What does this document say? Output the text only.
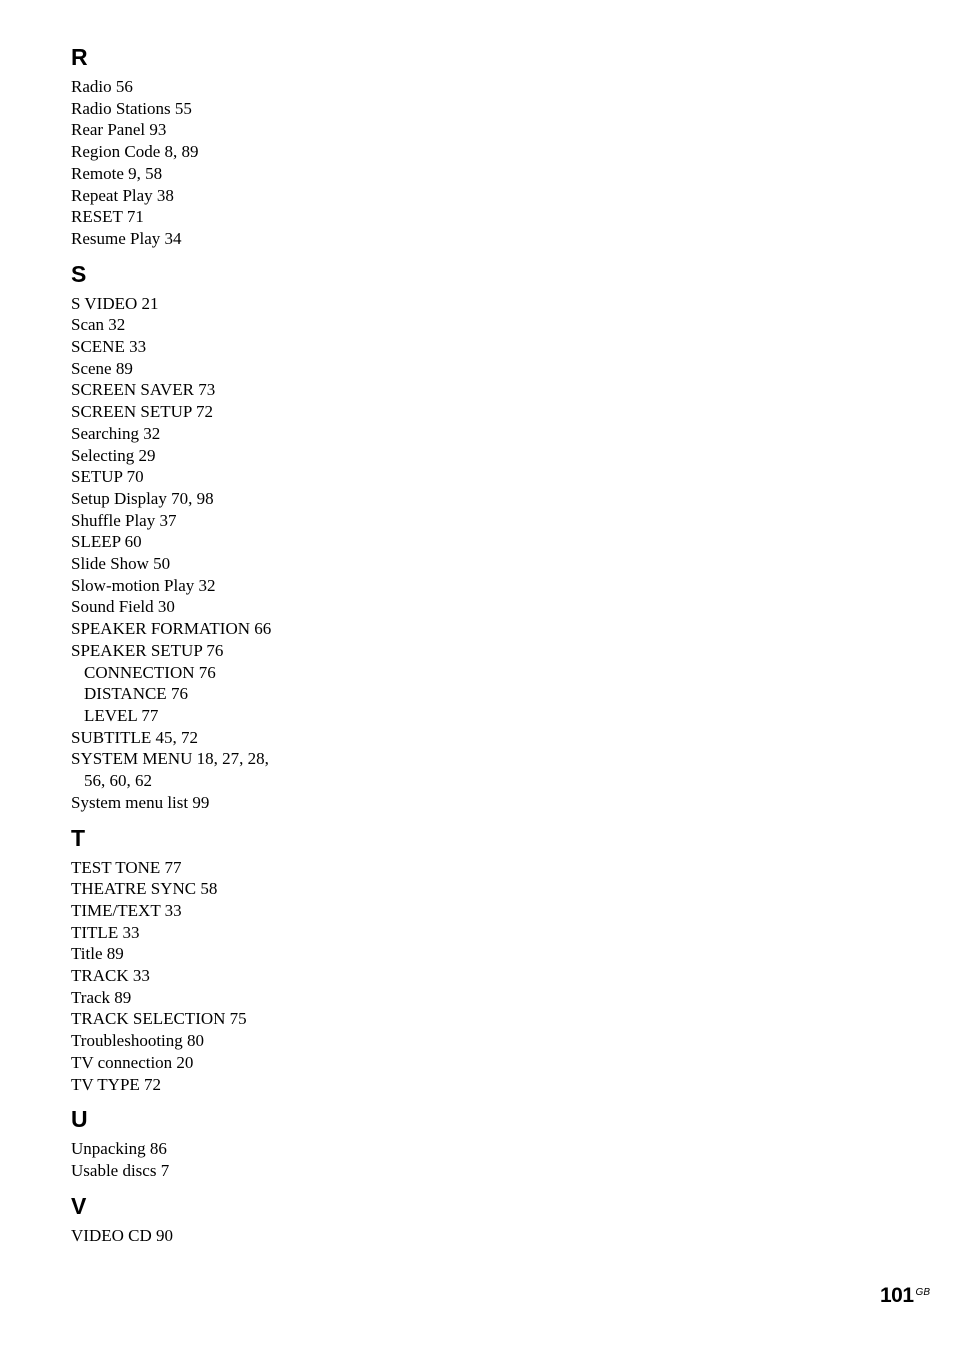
R
Radio 56
Radio Stations 55
Rear Panel 93
Region Code 8, 89
Remote 9, 58
Repeat Play 38
RESET 71
Resume Play 34
S
S VIDEO 21
Scan 32
SCENE 33
Scene 89
SCREEN SAVER 73
SCREEN SETUP 72
Searching 32
Selecting 29
SETUP 70
Setup Display 70, 98
Shuffle Play 37
SLEEP 60
Slide Show 50
Slow-motion Play 32
Sound Field 30
SPEAKER FORMATION 66
SPEAKER SETUP 76
CONNECTION 76
DISTANCE 76
LEVEL 77
SUBTITLE 45, 72
SYSTEM MENU 18, 27, 28,
56, 60, 62
System menu list 99
T
TEST TONE 77
THEATRE SYNC 58
TIME/TEXT 33
TITLE 33
Title 89
TRACK 33
Track 89
TRACK SELECTION 75
Troubleshooting 80
TV connection 20
TV TYPE 72
U
Unpacking 86
Usable discs 7
V
VIDEO CD 90
101 $^{GB}$
